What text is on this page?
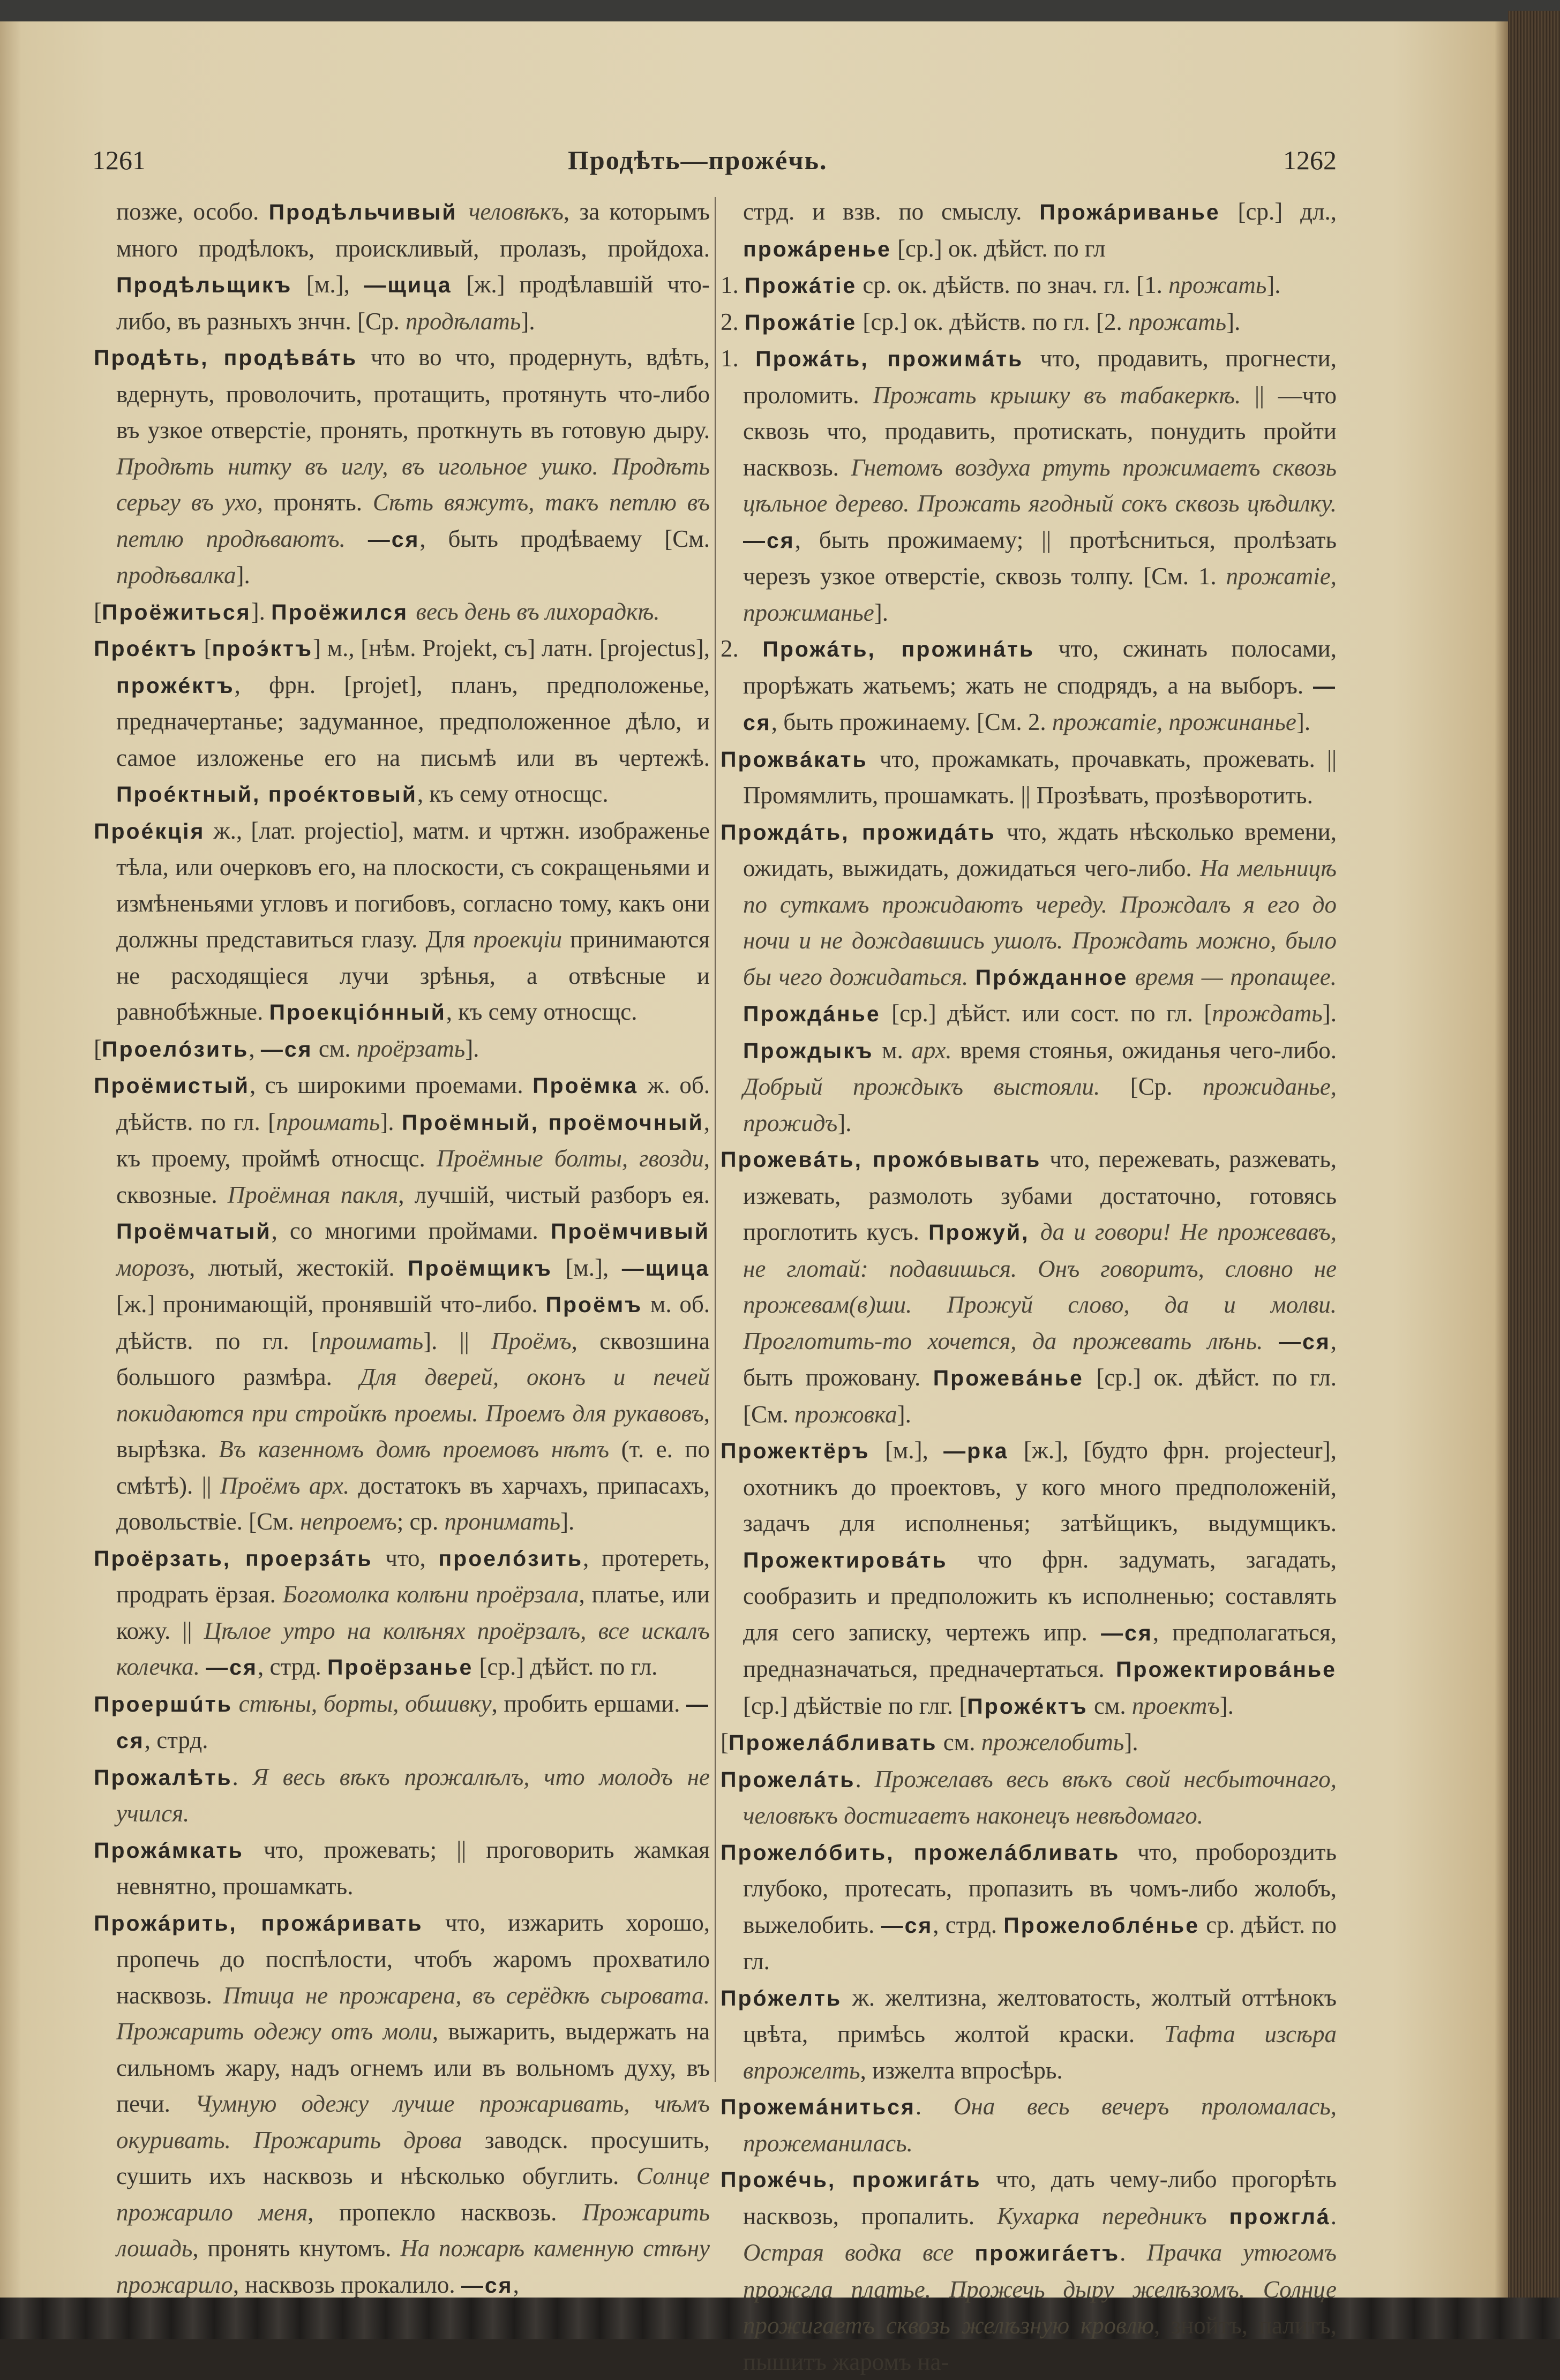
1261	Продѣть—прожéчь.	1262

позже, особо. Продѣльчивый человѣкъ, за которымъ много продѣлокъ, проискливый, пролазъ, пройдоха. Продѣльщикъ [м.], —щица [ж.] продѣлавшій что-либо, въ разныхъ знчн. [Ср. продѣлать].

Продѣть, продѣвáть что во что, продернуть, вдѣть, вдернуть, проволочить, протащить, протянуть что-либо въ узкое отверстіе, пронять, проткнуть въ готовую дыру. Продѣть нитку въ иглу, въ игольное ушко. Продѣть серьгу въ ухо, пронять. Сѣть вяжутъ, такъ петлю въ петлю продѣваютъ. —ся, быть продѣваему [См. продѣвалка].

[Проёжиться]. Проёжился весь день въ лихорадкѣ.

Проéктъ [проэ́ктъ] м., [нѣм. Projekt, съ] латн. [projectus], прожéктъ, фрн. [projet], планъ, предположенье, предначертанье; задуманное, предположенное дѣло, и самое изложенье его на письмѣ или въ чертежѣ. Проéктный, проéктовый, къ сему относщс.

Проéкція ж., [лат. projectio], матм. и чртжн. изображенье тѣла, или очерковъ его, на плоскости, съ сокращеньями и измѣненьями угловъ и погибовъ, согласно тому, какъ они должны представиться глазу. Для проекціи принимаются не расходящіеся лучи зрѣнья, а отвѣсные и равнобѣжные. Проекціóнный, къ сему относщс.

[Проелóзить, —ся см. проёрзать].

Проёмистый, съ широкими проемами. Проёмка ж. об. дѣйств. по гл. [проимать]. Проёмный, проёмочный, къ проему, проймѣ относщс. Проёмные болты, гвозди, сквозные. Проёмная пакля, лучшій, чистый разборъ ея. Проёмчатый, со многими проймами. Проёмчивый морозъ, лютый, жестокій. Проёмщикъ [м.], —щица [ж.] пронимающій, пронявшій что-либо. Проёмъ м. об. дѣйств. по гл. [проимать]. || Проёмъ, сквозшина большого размѣра. Для дверей, оконъ и печей покидаются при стройкѣ проемы. Проемъ для рукавовъ, вырѣзка. Въ казенномъ домѣ проемовъ нѣтъ (т. е. по смѣтѣ). || Проёмъ арх. достатокъ въ харчахъ, припасахъ, довольствіе. [См. непроемъ; ср. пронимать].

Проёрзать, проерзáть что, проелóзить, протереть, продрать ёрзая. Богомолка колѣни проёрзала, платье, или кожу. || Цѣлое утро на колѣнях проёрзалъ, все искалъ колечка. —ся, стрд. Проёрзанье [ср.] дѣйст. по гл.

Проершúть стѣны, борты, обшивку, пробить ершами. —ся, стрд.

Прожалѣть. Я весь вѣкъ прожалѣлъ, что молодъ не учился.

Прожáмкать что, прожевать; || проговорить жамкая невнятно, прошамкать.

Прожáрить, прожáривать что, изжарить хорошо, пропечь до поспѣлости, чтобъ жаромъ прохватило насквозь. Птица не прожарена, въ серёдкѣ сыровата. Прожарить одежу отъ моли, выжарить, выдержать на сильномъ жару, надъ огнемъ или въ вольномъ духу, въ печи. Чумную одежу лучше прожаривать, чѣмъ окуривать. Прожарить дрова заводск. просушить, сушить ихъ насквозь и нѣсколько обуглить. Солнце прожарило меня, пропекло насквозь. Прожарить лошадь, пронять кнутомъ. На пожарѣ каменную стѣну прожарило, насквозь прокалило. —ся,

стрд. и взв. по смыслу. Прожáриванье [ср.] дл., прожáренье [ср.] ок. дѣйст. по гл

1. Прожáтіе ср. ок. дѣйств. по знач. гл. [1. прожать].

2. Прожáтіе [ср.] ок. дѣйств. по гл. [2. прожать].

1. Прожáть, прожимáть что, продавить, прогнести, проломить. Прожать крышку въ табакеркѣ. || —что сквозь что, продавить, протискать, понудить пройти насквозь. Гнетомъ воздуха ртуть прожимаетъ сквозь цѣльное дерево. Прожать ягодный сокъ сквозь цѣдилку. —ся, быть прожимаему; || протѣсниться, пролѣзать черезъ узкое отверстіе, сквозь толпу. [См. 1. прожатіе, прожиманье].

2. Прожáть, прожинáть что, сжинать полосами, прорѣжать жатьемъ; жать не сподрядъ, а на выборъ. —ся, быть прожинаему. [См. 2. прожатіе, прожинанье].

Прожвáкать что, прожамкать, прочавкать, прожевать. || Промямлить, прошамкать. || Прозѣвать, прозѣворотить.

Прождáть, прожидáть что, ждать нѣсколько времени, ожидать, выжидать, дожидаться чего-либо. На мельницѣ по суткамъ прожидаютъ череду. Прождалъ я его до ночи и не дождавшись ушолъ. Прождать можно, было бы чего дожидаться. Прóжданное время — пропащее. Прождáнье [ср.] дѣйст. или сост. по гл. [прождать]. Прождыкъ м. арх. время стоянья, ожиданья чего-либо. Добрый прождыкъ выстояли. [Ср. прожиданье, прожидъ].

Прожевáть, прожóвывать что, пережевать, разжевать, изжевать, размолоть зубами достаточно, готовясь проглотить кусъ. Прожуй, да и говори! Не прожевавъ, не глотай: подавишься. Онъ говоритъ, словно не прожевам(в)ши. Прожуй слово, да и молви. Проглотить-то хочется, да прожевать лѣнь. —ся, быть прожовану. Прожевáнье [ср.] ок. дѣйст. по гл. [См. прожовка].

Прожектёръ [м.], —рка [ж.], [будто фрн. projecteur], охотникъ до проектовъ, у кого много предположеній, задачъ для исполненья; затѣйщикъ, выдумщикъ. Прожектировáть что фрн. задумать, загадать, сообразить и предположить къ исполненью; составлять для сего записку, чертежъ ипр. —ся, предполагаться, предназначаться, предначертаться. Прожектировáнье [ср.] дѣйствіе по глг. [Прожéктъ см. проектъ].

[Прожелáбливать см. прожелобить].

Прожелáть. Прожелавъ весь вѣкъ свой несбыточнаго, человѣкъ достигаетъ наконецъ невѣдомаго.

Прожелóбить, прожелáбливать что, пробороздить глубоко, протесать, пропазить въ чомъ-либо жолобъ, выжелобить. —ся, стрд. Прожелоблéнье ср. дѣйст. по гл.

Прóжелть ж. желтизна, желтоватость, жолтый оттѣнокъ цвѣта, примѣсь жолтой краски. Тафта изсѣра впрожелть, изжелта впросѣрь.

Прожемáниться. Она весь вечеръ проломалась, прожеманилась.

Прожéчь, прожигáть что, дать чему-либо прогорѣть насквозь, пропалить. Кухарка передникъ прожглá. Острая водка все прожигáетъ. Прачка утюгомъ прожгла платье. Прожечь дыру желѣзомъ. Солнце прожигаетъ сквозь желѣзную кровлю, знойтъ, палитъ, пышитъ жаромъ на-
